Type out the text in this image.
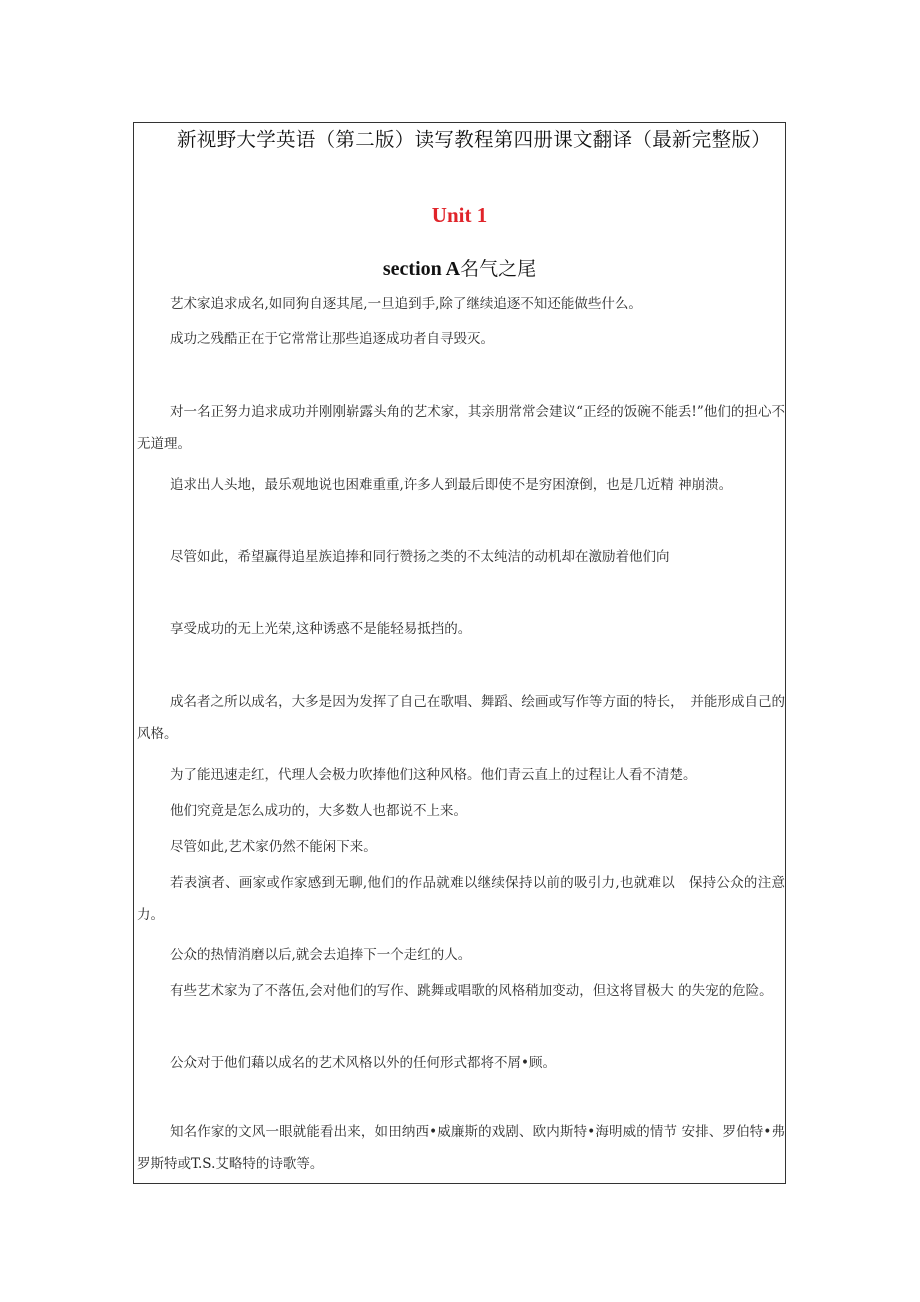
新视野大学英语（第二版）读写教程第四册课文翻译（最新完整版）
Unit 1
section A名气之尾

艺术家追求成名,如同狗自逐其尾,一旦追到手,除了继续追逐不知还能做些什么。

成功之残酷正在于它常常让那些追逐成功者自寻毁灭。

对一名正努力追求成功并刚刚崭露头角的艺术家，其亲朋常常会建议“正经的饭碗不能丢!”他们的担心不无道理。

追求出人头地，最乐观地说也困难重重,许多人到最后即使不是穷困潦倒，也是几近精 神崩溃。

尽管如此，希望赢得追星族追捧和同行赞扬之类的不太纯洁的动机却在激励着他们向

享受成功的无上光荣,这种诱惑不是能轻易抵挡的。

成名者之所以成名，大多是因为发挥了自己在歌唱、舞蹈、绘画或写作等方面的特长，　并能形成自己的风格。

为了能迅速走红，代理人会极力吹捧他们这种风格。他们青云直上的过程让人看不清楚。

他们究竟是怎么成功的，大多数人也都说不上来。

尽管如此,艺术家仍然不能闲下来。

若表演者、画家或作家感到无聊,他们的作品就难以继续保持以前的吸引力,也就难以　保持公众的注意力。

公众的热情消磨以后,就会去追捧下一个走红的人。

有些艺术家为了不落伍,会对他们的写作、跳舞或唱歌的风格稍加变动，但这将冒极大 的失宠的危险。

公众对于他们藉以成名的艺术风格以外的任何形式都将不屑•顾。

知名作家的文风一眼就能看出来，如田纳西•威廉斯的戏剧、欧内斯特•海明威的情节 安排、罗伯特•弗罗斯特或T.S.艾略特的诗歌等。
